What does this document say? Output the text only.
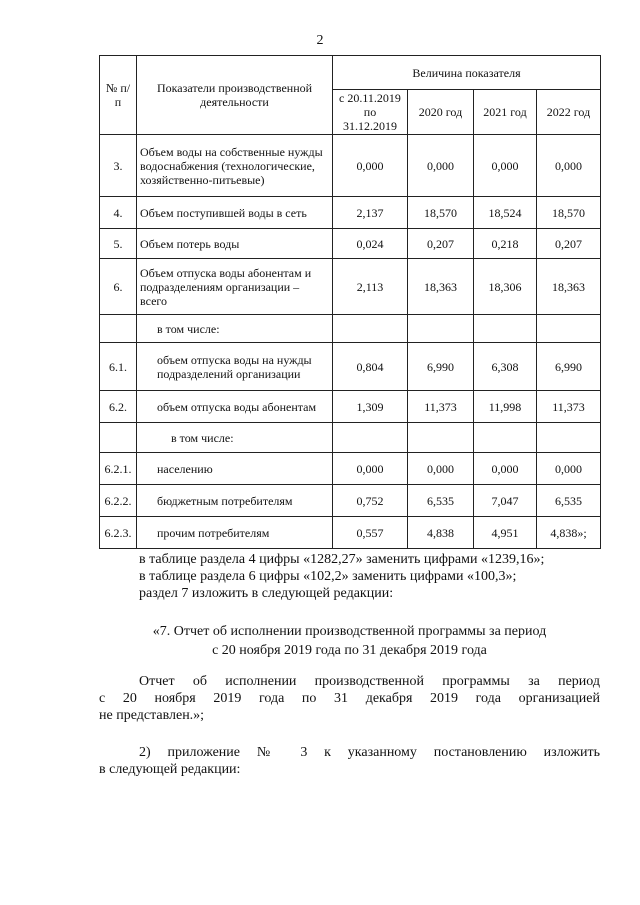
2
№ п/п	Показатели производственной деятельности	Величина показателя			
		с 20.11.2019 по 31.12.2019	2020 год	2021 год	2022 год
3.	Объем воды на собственные нужды водоснабжения (технологические, хозяйственно-питьевые)	0,000	0,000	0,000	0,000
4.	Объем поступившей воды в сеть	2,137	18,570	18,524	18,570
5.	Объем потерь воды	0,024	0,207	0,218	0,207
6.	Объем отпуска воды абонентам и подразделениям организации – всего	2,113	18,363	18,306	18,363
	в том числе:				
6.1.	объем отпуска воды на нужды подразделений организации	0,804	6,990	6,308	6,990
6.2.	объем отпуска воды абонентам	1,309	11,373	11,998	11,373
	в том числе:				
6.2.1.	населению	0,000	0,000	0,000	0,000
6.2.2.	бюджетным потребителям	0,752	6,535	7,047	6,535
6.2.3.	прочим потребителям	0,557	4,838	4,951	4,838»;

в таблице раздела 4 цифры «1282,27» заменить цифрами «1239,16»;

в таблице раздела 6 цифры «102,2» заменить цифрами «100,3»;

раздел 7 изложить в следующей редакции:

«7. Отчет об исполнении производственной программы за период
с 20 ноября 2019 года по 31 декабря 2019 года
Отчет об исполнении производственной программы за период
с 20 ноября 2019 года по 31 декабря 2019 года организацией
не представлен.»;
2) приложение № 3 к указанному постановлению изложить
в следующей редакции:
